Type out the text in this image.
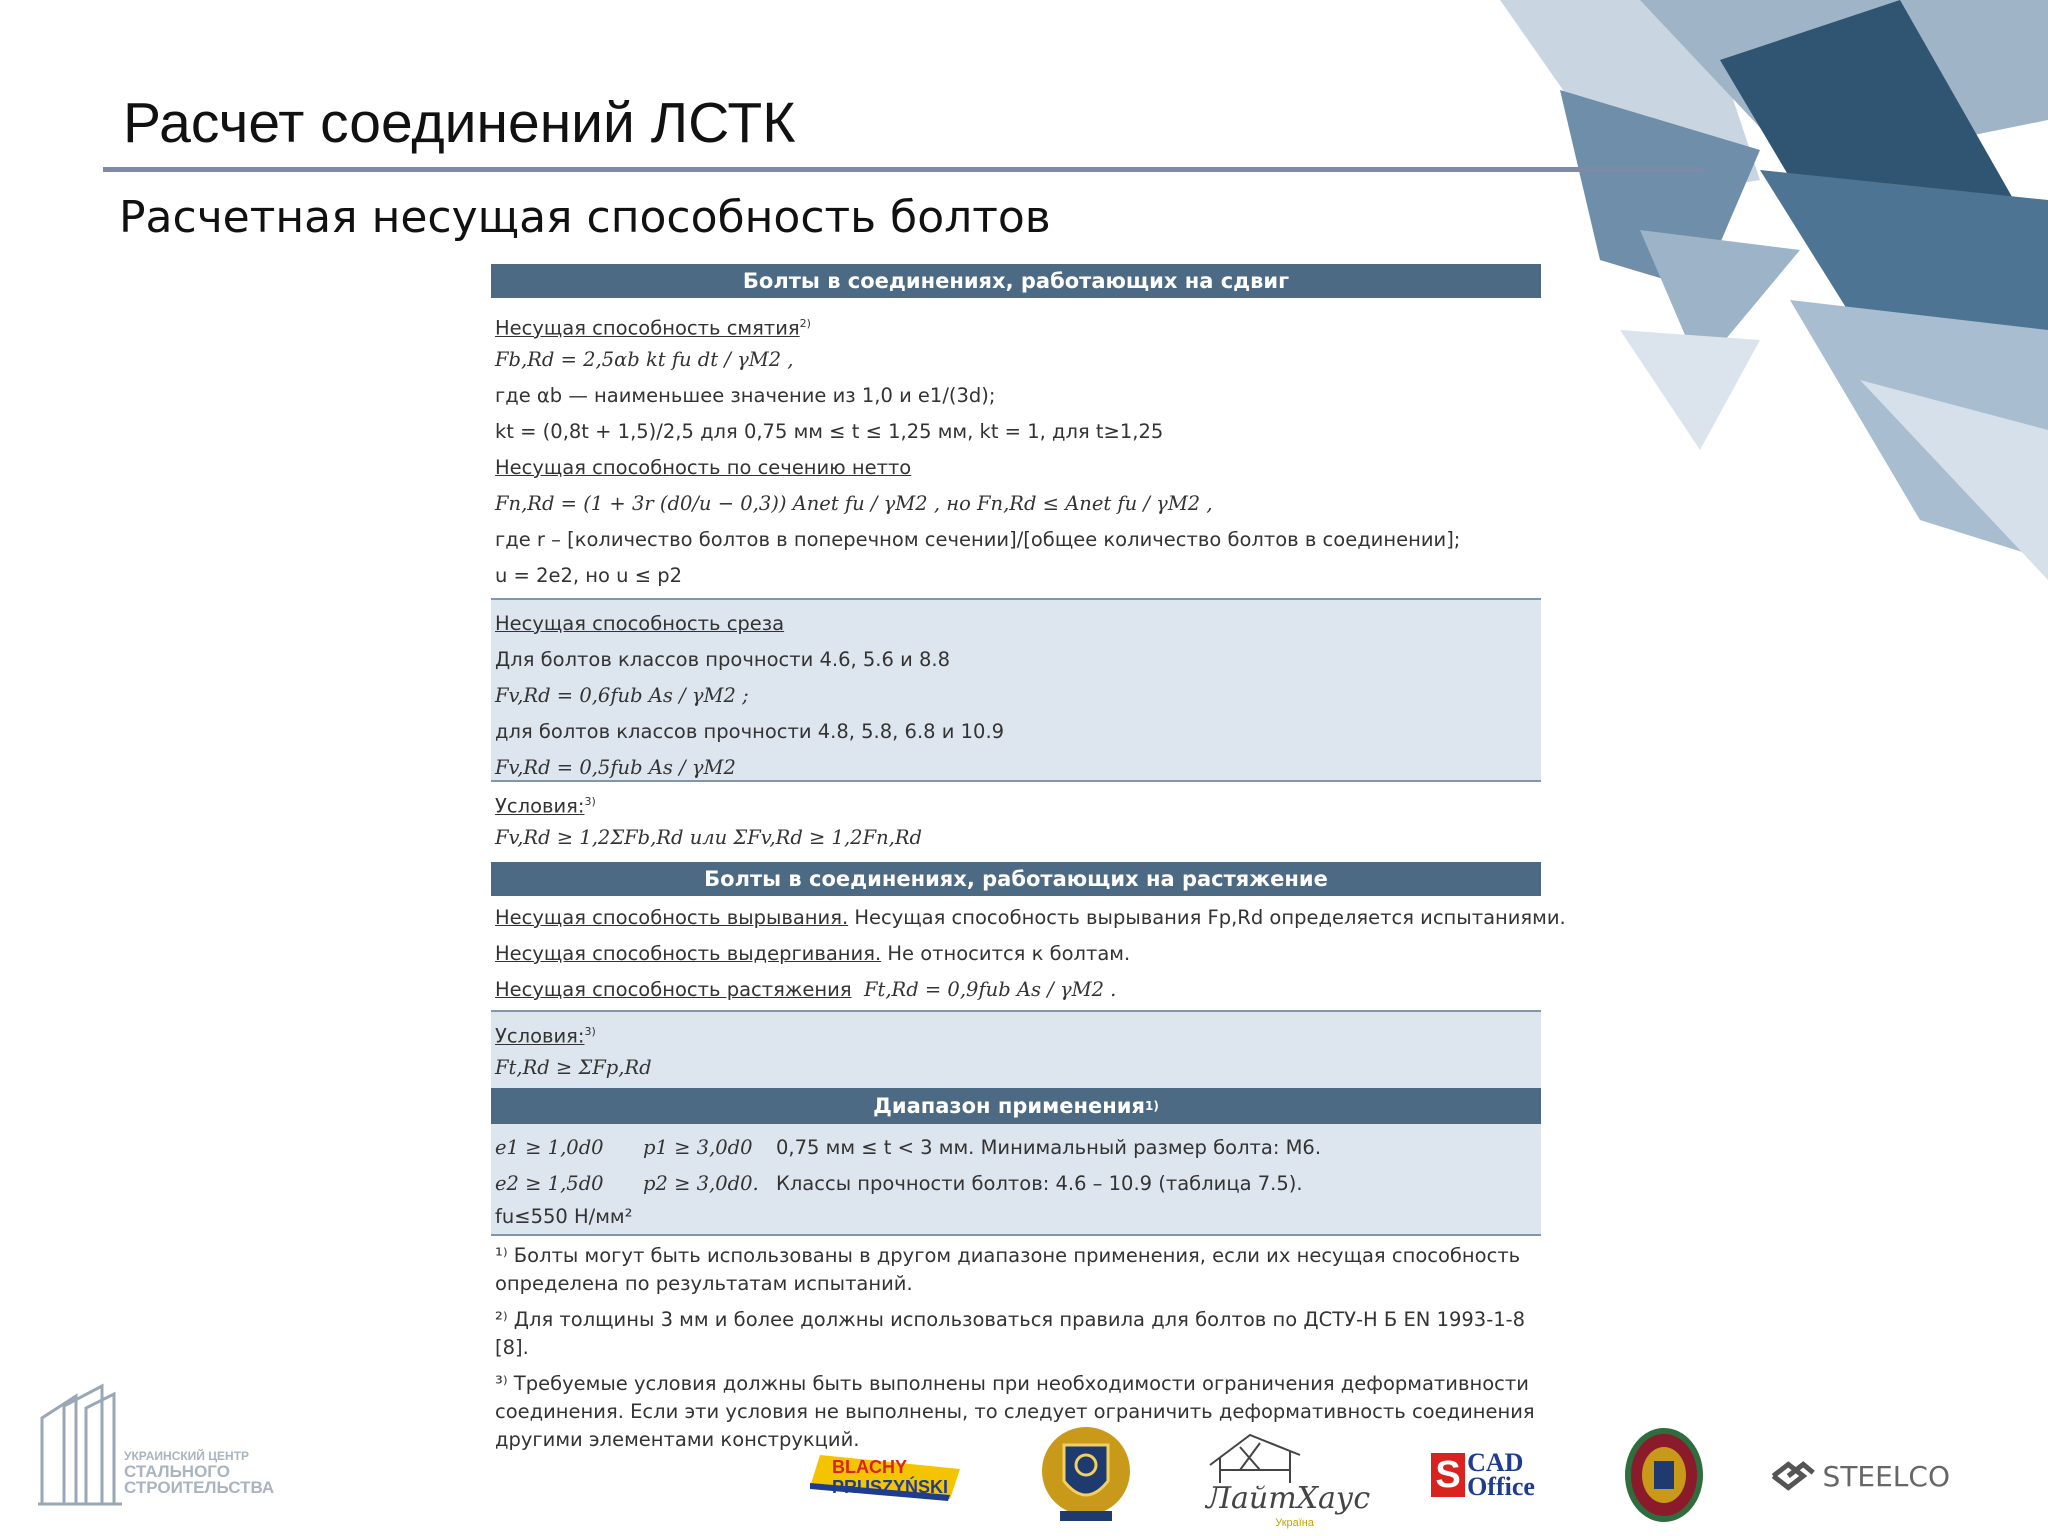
Расчет соединений ЛСТК
Расчетная несущая способность болтов
Болты в соединениях, работающих на сдвиг
Несущая способность смятия$^{2)}$
Fb,Rd = 2,5αb kt fu dt / γM2 ,
где αb — наименьшее значение из 1,0 и e1/(3d);
kt = (0,8t + 1,5)/2,5 для 0,75 мм ≤ t ≤ 1,25 мм, kt = 1, для t≥1,25
Несущая способность по сечению нетто
Fn,Rd = (1 + 3r (d0/u − 0,3)) Anet fu / γM2 , но Fn,Rd ≤ Anet fu / γM2 ,
где r – [количество болтов в поперечном сечении]/[общее количество болтов в соединении];
u = 2e2, но u ≤ p2
Несущая способность среза
Для болтов классов прочности 4.6, 5.6 и 8.8
Fv,Rd = 0,6fub As / γM2 ;
для болтов классов прочности 4.8, 5.8, 6.8 и 10.9
Fv,Rd = 0,5fub As / γM2
Условия:$^{3)}$
Fv,Rd ≥ 1,2ΣFb,Rd или ΣFv,Rd ≥ 1,2Fn,Rd
Болты в соединениях, работающих на растяжение
Несущая способность вырывания. Несущая способность вырывания Fp,Rd определяется испытаниями.
Несущая способность выдергивания. Не относится к болтам.
Несущая способность растяжения Ft,Rd = 0,9fub As / γM2 .
Условия:$^{3)}$
Ft,Rd ≥ ΣFp,Rd
Диапазон применения 1)
e1 ≥ 1,0d0	p1 ≥ 3,0d0	0,75 мм ≤ t < 3 мм. Минимальный размер болта: М6.
e2 ≥ 1,5d0	p2 ≥ 3,0d0. Классы прочности болтов: 4.6 – 10.9 (таблица 7.5).
fu≤550 Н/мм²

¹⁾ Болты могут быть использованы в другом диапазоне применения, если их несущая способность определена по результатам испытаний.

²⁾ Для толщины 3 мм и более должны использоваться правила для болтов по ДСТУ-Н Б EN 1993-1-8 [8].

³⁾ Требуемые условия должны быть выполнены при необходимости ограничения деформативности соединения. Если эти условия не выполнены, то следует ограничить деформативность соединения другими элементами конструкций.

УКРАИНСКИЙ ЦЕНТР
СТАЛЬНОГО
СТРОИТЕЛЬСТВА
BLACHY
PRUSZYŃSKI	ЛайтХаус
Україна
S CAD
Office	STEELCO
